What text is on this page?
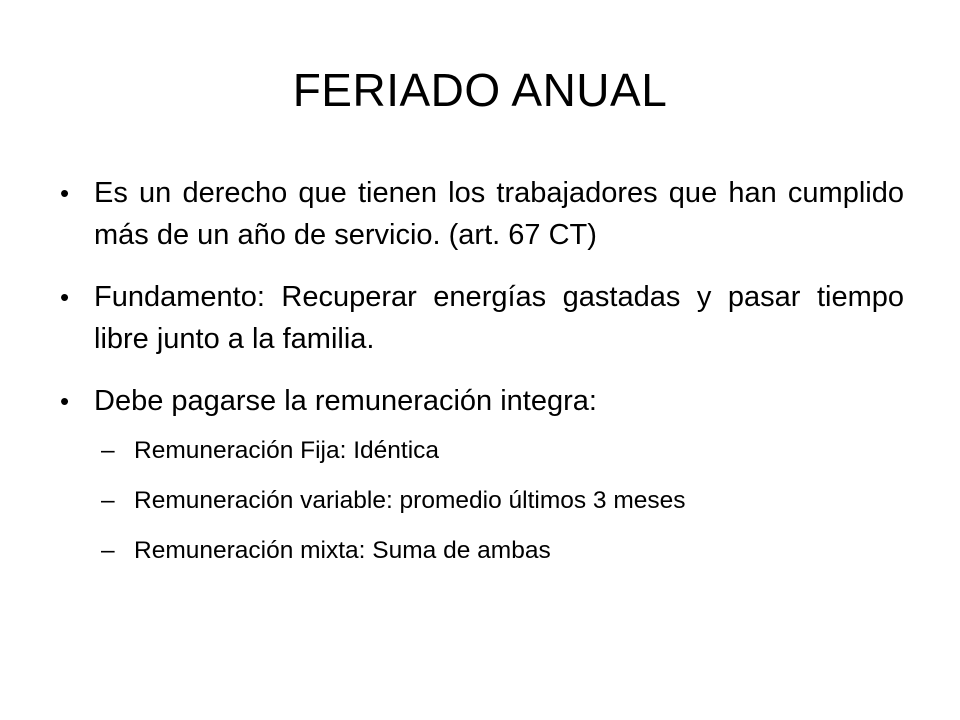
FERIADO ANUAL
• Es un derecho que tienen los trabajadores que han cumplido más de un año de servicio. (art. 67 CT)
• Fundamento: Recuperar energías gastadas y pasar tiempo libre junto a la familia.
• Debe pagarse la remuneración integra:
– Remuneración Fija: Idéntica
– Remuneración variable: promedio últimos 3 meses
– Remuneración mixta: Suma de ambas
